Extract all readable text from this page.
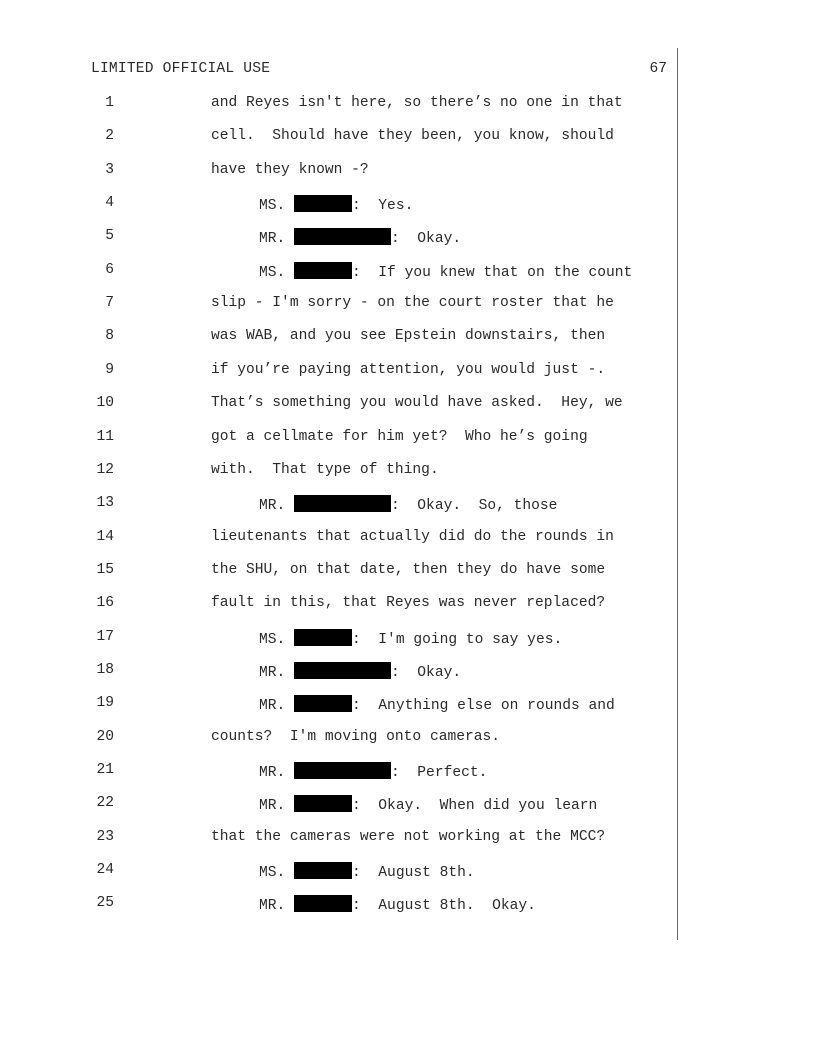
LIMITED OFFICIAL USE	67
1	and Reyes isn't here, so there’s no one in that
2	cell.  Should have they been, you know, should
3	have they known -?
4	MS.	:  Yes.
5	MR.	:  Okay.
6	MS.	:  If you knew that on the count
7	slip - I'm sorry - on the court roster that he
8	was WAB, and you see Epstein downstairs, then
9	if you’re paying attention, you would just -.
10	That’s something you would have asked.  Hey, we
11	got a cellmate for him yet?  Who he’s going
12	with.  That type of thing.
13	MR.	:  Okay.  So, those
14	lieutenants that actually did do the rounds in
15	the SHU, on that date, then they do have some
16	fault in this, that Reyes was never replaced?
17	MS.	:  I'm going to say yes.
18	MR.	:  Okay.
19	MR.	:  Anything else on rounds and
20	counts?  I'm moving onto cameras.
21	MR.	:  Perfect.
22	MR.	:  Okay.  When did you learn
23	that the cameras were not working at the MCC?
24	MS.	:  August 8th.
25	MR.	:  August 8th.  Okay.
